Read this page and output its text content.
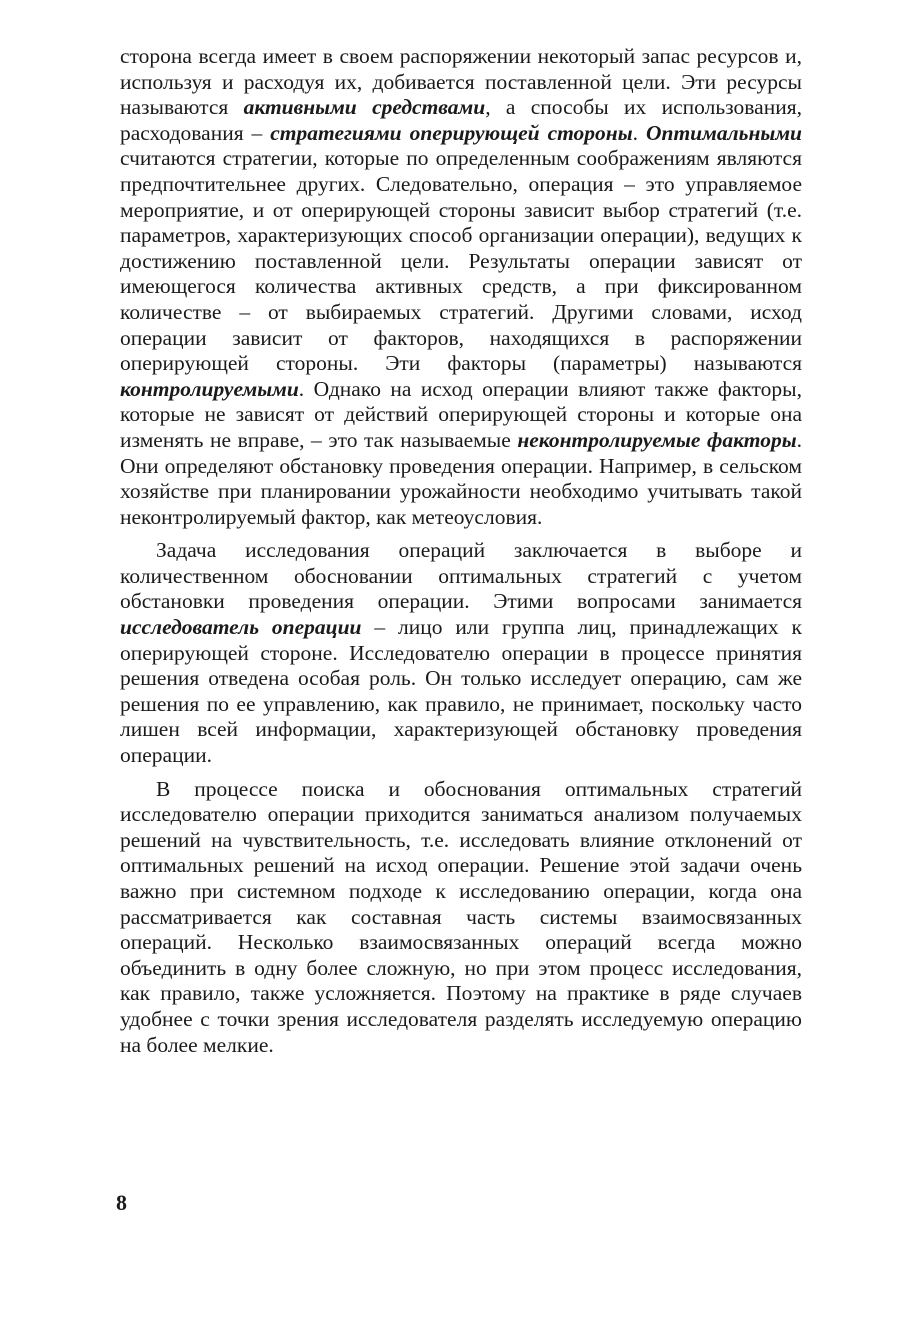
сторона всегда имеет в своем распоряжении некоторый запас ресурсов и, используя и расходуя их, добивается поставленной цели. Эти ресурсы называются активными средствами, а способы их использования, расходования – стратегиями оперирующей стороны. Оптимальными считаются стратегии, которые по определенным соображениям являются предпочтительнее других. Следовательно, операция – это управляемое мероприятие, и от оперирующей стороны зависит выбор стратегий (т.е. параметров, характеризующих способ организации операции), ведущих к достижению поставленной цели. Результаты операции зависят от имеющегося количества активных средств, а при фиксированном количестве – от выбираемых стратегий. Другими словами, исход операции зависит от факторов, находящихся в распоряжении оперирующей стороны. Эти факторы (параметры) называются контролируемыми. Однако на исход операции влияют также факторы, которые не зависят от действий оперирующей стороны и которые она изменять не вправе, – это так называемые неконтролируемые факторы. Они определяют обстановку проведения операции. Например, в сельском хозяйстве при планировании урожайности необходимо учитывать такой неконтролируемый фактор, как метеоусловия.

Задача исследования операций заключается в выборе и количественном обосновании оптимальных стратегий с учетом обстановки проведения операции. Этими вопросами занимается исследователь операции – лицо или группа лиц, принадлежащих к оперирующей стороне. Исследователю операции в процессе принятия решения отведена особая роль. Он только исследует операцию, сам же решения по ее управлению, как правило, не принимает, поскольку часто лишен всей информации, характеризующей обстановку проведения операции.

В процессе поиска и обоснования оптимальных стратегий исследователю операции приходится заниматься анализом получаемых решений на чувствительность, т.е. исследовать влияние отклонений от оптимальных решений на исход операции. Решение этой задачи очень важно при системном подходе к исследованию операции, когда она рассматривается как составная часть системы взаимосвязанных операций. Несколько взаимосвязанных операций всегда можно объединить в одну более сложную, но при этом процесс исследования, как правило, также усложняется. Поэтому на практике в ряде случаев удобнее с точки зрения исследователя разделять исследуемую операцию на более мелкие.

8
